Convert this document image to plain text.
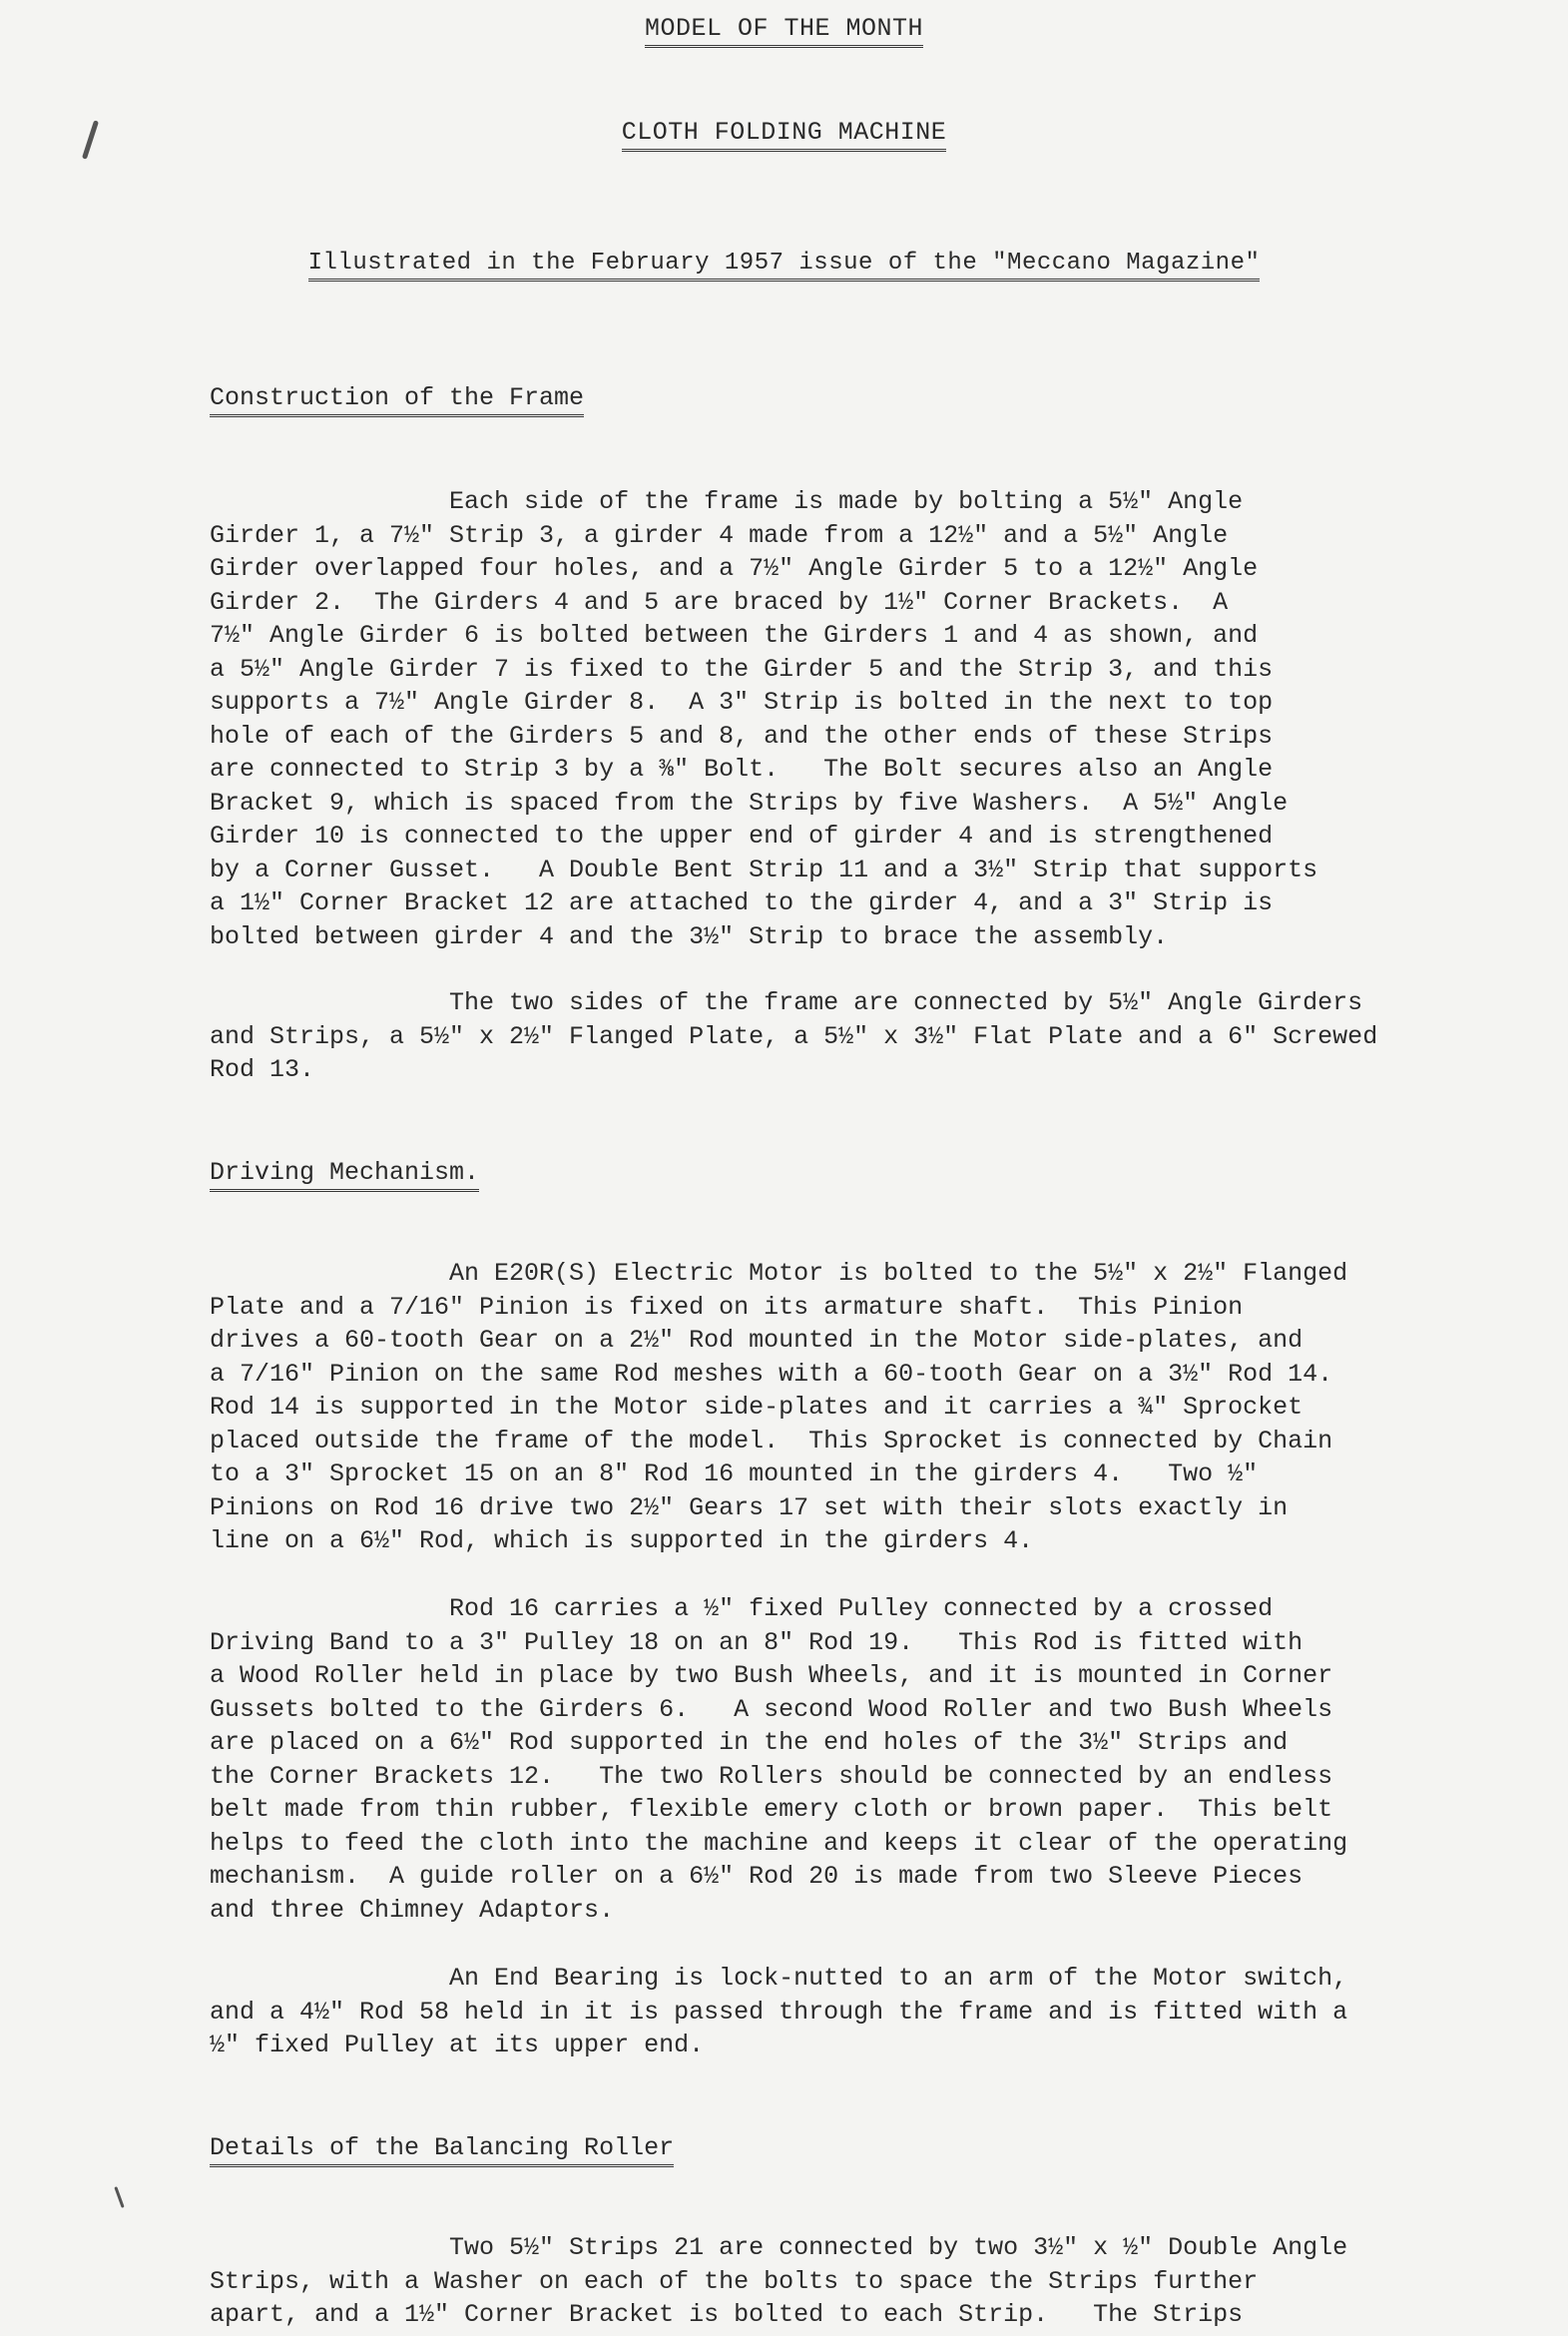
MODEL OF THE MONTH
CLOTH FOLDING MACHINE
Illustrated in the February 1957 issue of the "Meccano Magazine"
Construction of the Frame
Each side of the frame is made by bolting a 5½" Angle
Girder 1, a 7½" Strip 3, a girder 4 made from a 12½" and a 5½" Angle
Girder overlapped four holes, and a 7½" Angle Girder 5 to a 12½" Angle
Girder 2.  The Girders 4 and 5 are braced by 1½" Corner Brackets.  A
7½" Angle Girder 6 is bolted between the Girders 1 and 4 as shown, and
a 5½" Angle Girder 7 is fixed to the Girder 5 and the Strip 3, and this
supports a 7½" Angle Girder 8.  A 3" Strip is bolted in the next to top
hole of each of the Girders 5 and 8, and the other ends of these Strips
are connected to Strip 3 by a ⅜" Bolt.   The Bolt secures also an Angle
Bracket 9, which is spaced from the Strips by five Washers.  A 5½" Angle
Girder 10 is connected to the upper end of girder 4 and is strengthened
by a Corner Gusset.   A Double Bent Strip 11 and a 3½" Strip that supports
a 1½" Corner Bracket 12 are attached to the girder 4, and a 3" Strip is
bolted between girder 4 and the 3½" Strip to brace the assembly.
The two sides of the frame are connected by 5½" Angle Girders
and Strips, a 5½" x 2½" Flanged Plate, a 5½" x 3½" Flat Plate and a 6" Screwed
Rod 13.
Driving Mechanism.
An E20R(S) Electric Motor is bolted to the 5½" x 2½" Flanged
Plate and a 7/16" Pinion is fixed on its armature shaft.  This Pinion
drives a 60-tooth Gear on a 2½" Rod mounted in the Motor side-plates, and
a 7/16" Pinion on the same Rod meshes with a 60-tooth Gear on a 3½" Rod 14.
Rod 14 is supported in the Motor side-plates and it carries a ¾" Sprocket
placed outside the frame of the model.  This Sprocket is connected by Chain
to a 3" Sprocket 15 on an 8" Rod 16 mounted in the girders 4.   Two ½"
Pinions on Rod 16 drive two 2½" Gears 17 set with their slots exactly in
line on a 6½" Rod, which is supported in the girders 4.
Rod 16 carries a ½" fixed Pulley connected by a crossed
Driving Band to a 3" Pulley 18 on an 8" Rod 19.   This Rod is fitted with
a Wood Roller held in place by two Bush Wheels, and it is mounted in Corner
Gussets bolted to the Girders 6.   A second Wood Roller and two Bush Wheels
are placed on a 6½" Rod supported in the end holes of the 3½" Strips and
the Corner Brackets 12.   The two Rollers should be connected by an endless
belt made from thin rubber, flexible emery cloth or brown paper.  This belt
helps to feed the cloth into the machine and keeps it clear of the operating
mechanism.  A guide roller on a 6½" Rod 20 is made from two Sleeve Pieces
and three Chimney Adaptors.
An End Bearing is lock-nutted to an arm of the Motor switch,
and a 4½" Rod 58 held in it is passed through the frame and is fitted with a
½" fixed Pulley at its upper end.
Details of the Balancing Roller
Two 5½" Strips 21 are connected by two 3½" x ½" Double Angle
Strips, with a Washer on each of the bolts to space the Strips further
apart, and a 1½" Corner Bracket is bolted to each Strip.   The Strips
